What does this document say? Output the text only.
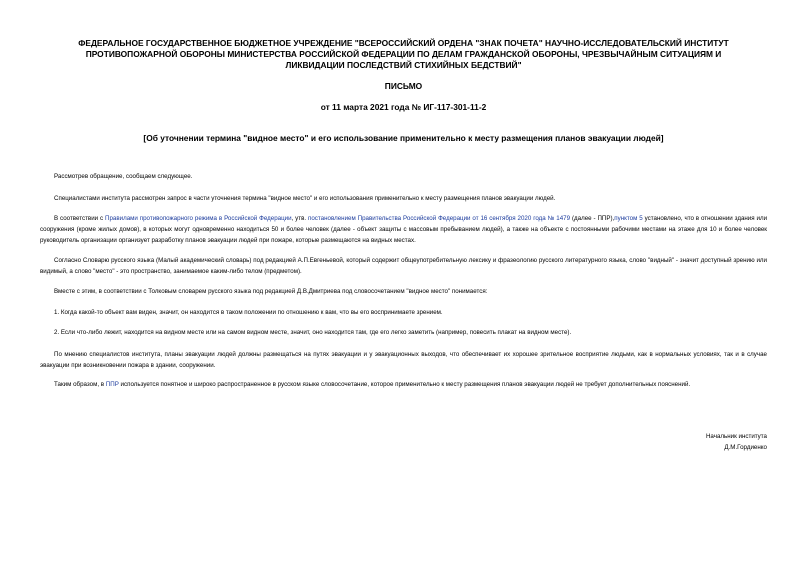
ФЕДЕРАЛЬНОЕ ГОСУДАРСТВЕННОЕ БЮДЖЕТНОЕ УЧРЕЖДЕНИЕ "ВСЕРОССИЙСКИЙ ОРДЕНА "ЗНАК ПОЧЕТА" НАУЧНО-ИССЛЕДОВАТЕЛЬСКИЙ ИНСТИТУТ
ПРОТИВОПОЖАРНОЙ ОБОРОНЫ МИНИСТЕРСТВА РОССИЙСКОЙ ФЕДЕРАЦИИ ПО ДЕЛАМ ГРАЖДАНСКОЙ ОБОРОНЫ, ЧРЕЗВЫЧАЙНЫМ СИТУАЦИЯМ И
ЛИКВИДАЦИИ ПОСЛЕДСТВИЙ СТИХИЙНЫХ БЕДСТВИЙ"
ПИСЬМО
от 11 марта 2021 года № ИГ-117-301-11-2
[Об уточнении термина "видное место" и его использование применительно к месту размещения планов эвакуации людей]
Рассмотрев обращение, сообщаем следующее.
Специалистами института рассмотрен запрос в части уточнения термина "видное место" и его использования применительно к месту размещения планов эвакуации людей.
В соответствии с Правилами противопожарного режима в Российской Федерации, утв. постановлением Правительства Российской Федерации от 16 сентября 2020 года № 1479 (далее - ППР),пунктом 5 установлено, что в отношении здания или сооружения (кроме жилых домов), в которых могут одновременно находиться 50 и более человек (далее - объект защиты с массовым пребыванием людей), а также на объекте с постоянными рабочими местами на этаже для 10 и более человек руководитель организации организует разработку планов эвакуации людей при пожаре, которые размещаются на видных местах.
Согласно Словарю русского языка (Малый академический словарь) под редакцией А.П.Евгеньевой, который содержит общеупотребительную лексику и фразеологию русского литературного языка, слово "видный" - значит доступный зрению или видимый, а слово "место" - это пространство, занимаемое каким-либо телом (предметом).
Вместе с этим, в соответствии с Толковым словарем русского языка под редакцией Д.В.Дмитриева под словосочетанием "видное место" понимается:
1. Когда какой-то объект вам виден, значит, он находится в таком положении по отношению к вам, что вы его воспринимаете зрением.
2. Если что-либо лежит, находится на видном месте или на самом видном месте, значит, оно находится там, где его легко заметить (например, повесить плакат на видном месте).
По мнению специалистов института, планы эвакуации людей должны размещаться на путях эвакуации и у эвакуационных выходов, что обеспечивает их хорошее зрительное восприятие людьми, как в нормальных условиях, так и в случае эвакуации при возникновении пожара в здании, сооружении.
Таким образом, в ППР используется понятное и широко распространенное в русском языке словосочетание, которое применительно к месту размещения планов эвакуации людей не требует дополнительных пояснений.
Начальник института
Д.М.Гордиенко
